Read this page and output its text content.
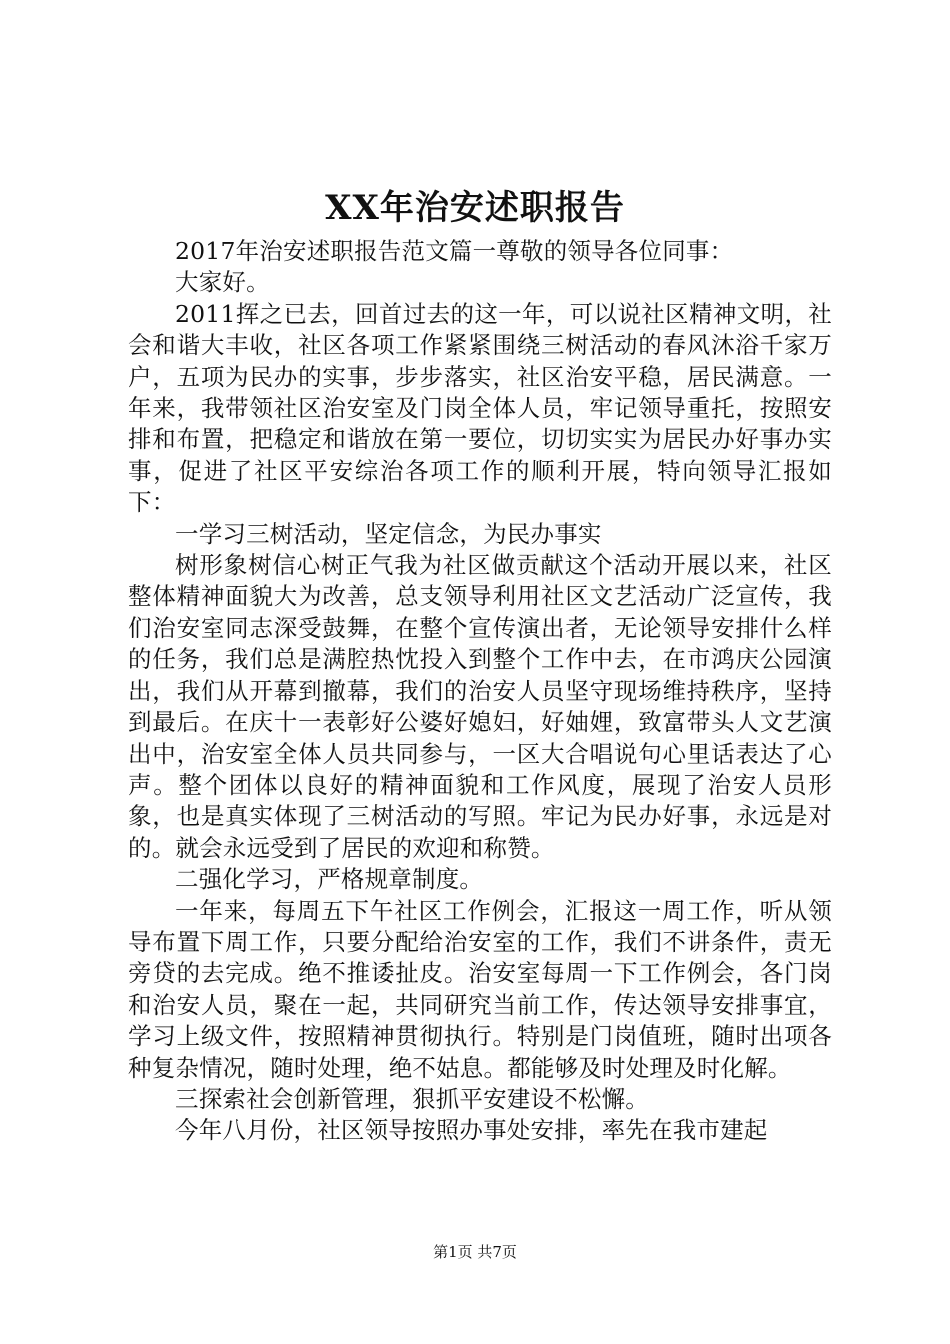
XX年治安述职报告

2017年治安述职报告范文篇一尊敬的领导各位同事：

大家好。

2011挥之已去，回首过去的这一年，可以说社区精神文明，社会和谐大丰收，社区各项工作紧紧围绕三树活动的春风沐浴千家万户，五项为民办的实事，步步落实，社区治安平稳，居民满意。一年来，我带领社区治安室及门岗全体人员，牢记领导重托，按照安排和布置，把稳定和谐放在第一要位，切切实实为居民办好事办实事，促进了社区平安综治各项工作的顺利开展，特向领导汇报如下：

一学习三树活动，坚定信念，为民办事实

树形象树信心树正气我为社区做贡献这个活动开展以来，社区整体精神面貌大为改善，总支领导利用社区文艺活动广泛宣传，我们治安室同志深受鼓舞，在整个宣传演出者，无论领导安排什么样的任务，我们总是满腔热忱投入到整个工作中去，在市鸿庆公园演出，我们从开幕到撤幕，我们的治安人员坚守现场维持秩序，坚持到最后。在庆十一表彰好公婆好媳妇，好妯娌，致富带头人文艺演出中，治安室全体人员共同参与，一区大合唱说句心里话表达了心声。整个团体以良好的精神面貌和工作风度，展现了治安人员形象，也是真实体现了三树活动的写照。牢记为民办好事，永远是对的。就会永远受到了居民的欢迎和称赞。

二强化学习，严格规章制度。

一年来，每周五下午社区工作例会，汇报这一周工作，听从领导布置下周工作，只要分配给治安室的工作，我们不讲条件，责无旁贷的去完成。绝不推诿扯皮。治安室每周一下工作例会，各门岗和治安人员，聚在一起，共同研究当前工作，传达领导安排事宜，学习上级文件，按照精神贯彻执行。特别是门岗值班，随时出项各种复杂情况，随时处理，绝不姑息。都能够及时处理及时化解。

三探索社会创新管理，狠抓平安建设不松懈。

今年八月份，社区领导按照办事处安排，率先在我市建起

第1页 共7页
